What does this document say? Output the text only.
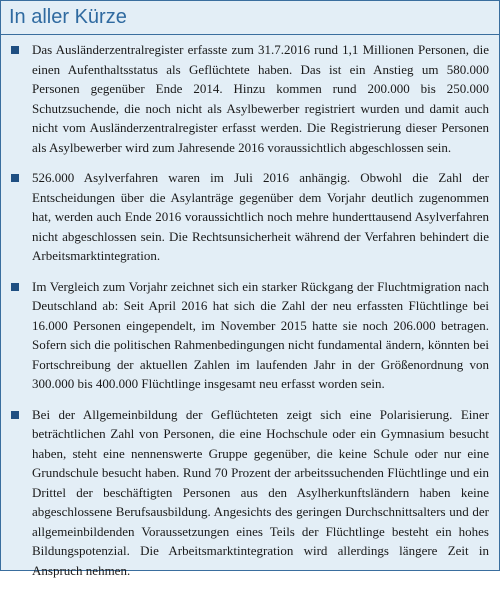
In aller Kürze
Das Ausländerzentralregister erfasste zum 31.7.2016 rund 1,1 Millionen Personen, die einen Aufenthaltsstatus als Geflüchtete haben. Das ist ein Anstieg um 580.000 Personen gegenüber Ende 2014. Hinzu kommen rund 200.000 bis 250.000 Schutzsuchende, die noch nicht als Asylbewerber registriert wurden und damit auch nicht vom Ausländerzentralregister erfasst werden. Die Registrierung dieser Personen als Asylbewerber wird zum Jahresende 2016 voraussichtlich abgeschlossen sein.
526.000 Asylverfahren waren im Juli 2016 anhängig. Obwohl die Zahl der Entscheidungen über die Asylanträge gegenüber dem Vorjahr deutlich zugenommen hat, werden auch Ende 2016 voraussichtlich noch mehre hunderttausend Asylverfahren nicht abgeschlossen sein. Die Rechtsunsicherheit während der Verfahren behindert die Arbeitsmarktintegration.
Im Vergleich zum Vorjahr zeichnet sich ein starker Rückgang der Fluchtmigration nach Deutschland ab: Seit April 2016 hat sich die Zahl der neu erfassten Flüchtlinge bei 16.000 Personen eingependelt, im November 2015 hatte sie noch 206.000 betragen. Sofern sich die politischen Rahmenbedingungen nicht fundamental ändern, könnten bei Fortschreibung der aktuellen Zahlen im laufenden Jahr in der Größenordnung von 300.000 bis 400.000 Flüchtlinge insgesamt neu erfasst worden sein.
Bei der Allgemeinbildung der Geflüchteten zeigt sich eine Polarisierung. Einer beträchtlichen Zahl von Personen, die eine Hochschule oder ein Gymnasium besucht haben, steht eine nennenswerte Gruppe gegenüber, die keine Schule oder nur eine Grundschule besucht haben. Rund 70 Prozent der arbeitssuchenden Flüchtlinge und ein Drittel der beschäftigten Personen aus den Asylherkunftsländern haben keine abgeschlossene Berufsausbildung. Angesichts des geringen Durchschnittsalters und der allgemeinbildenden Voraussetzungen eines Teils der Flüchtlinge besteht ein hohes Bildungspotenzial. Die Arbeitsmarktintegration wird allerdings längere Zeit in Anspruch nehmen.
